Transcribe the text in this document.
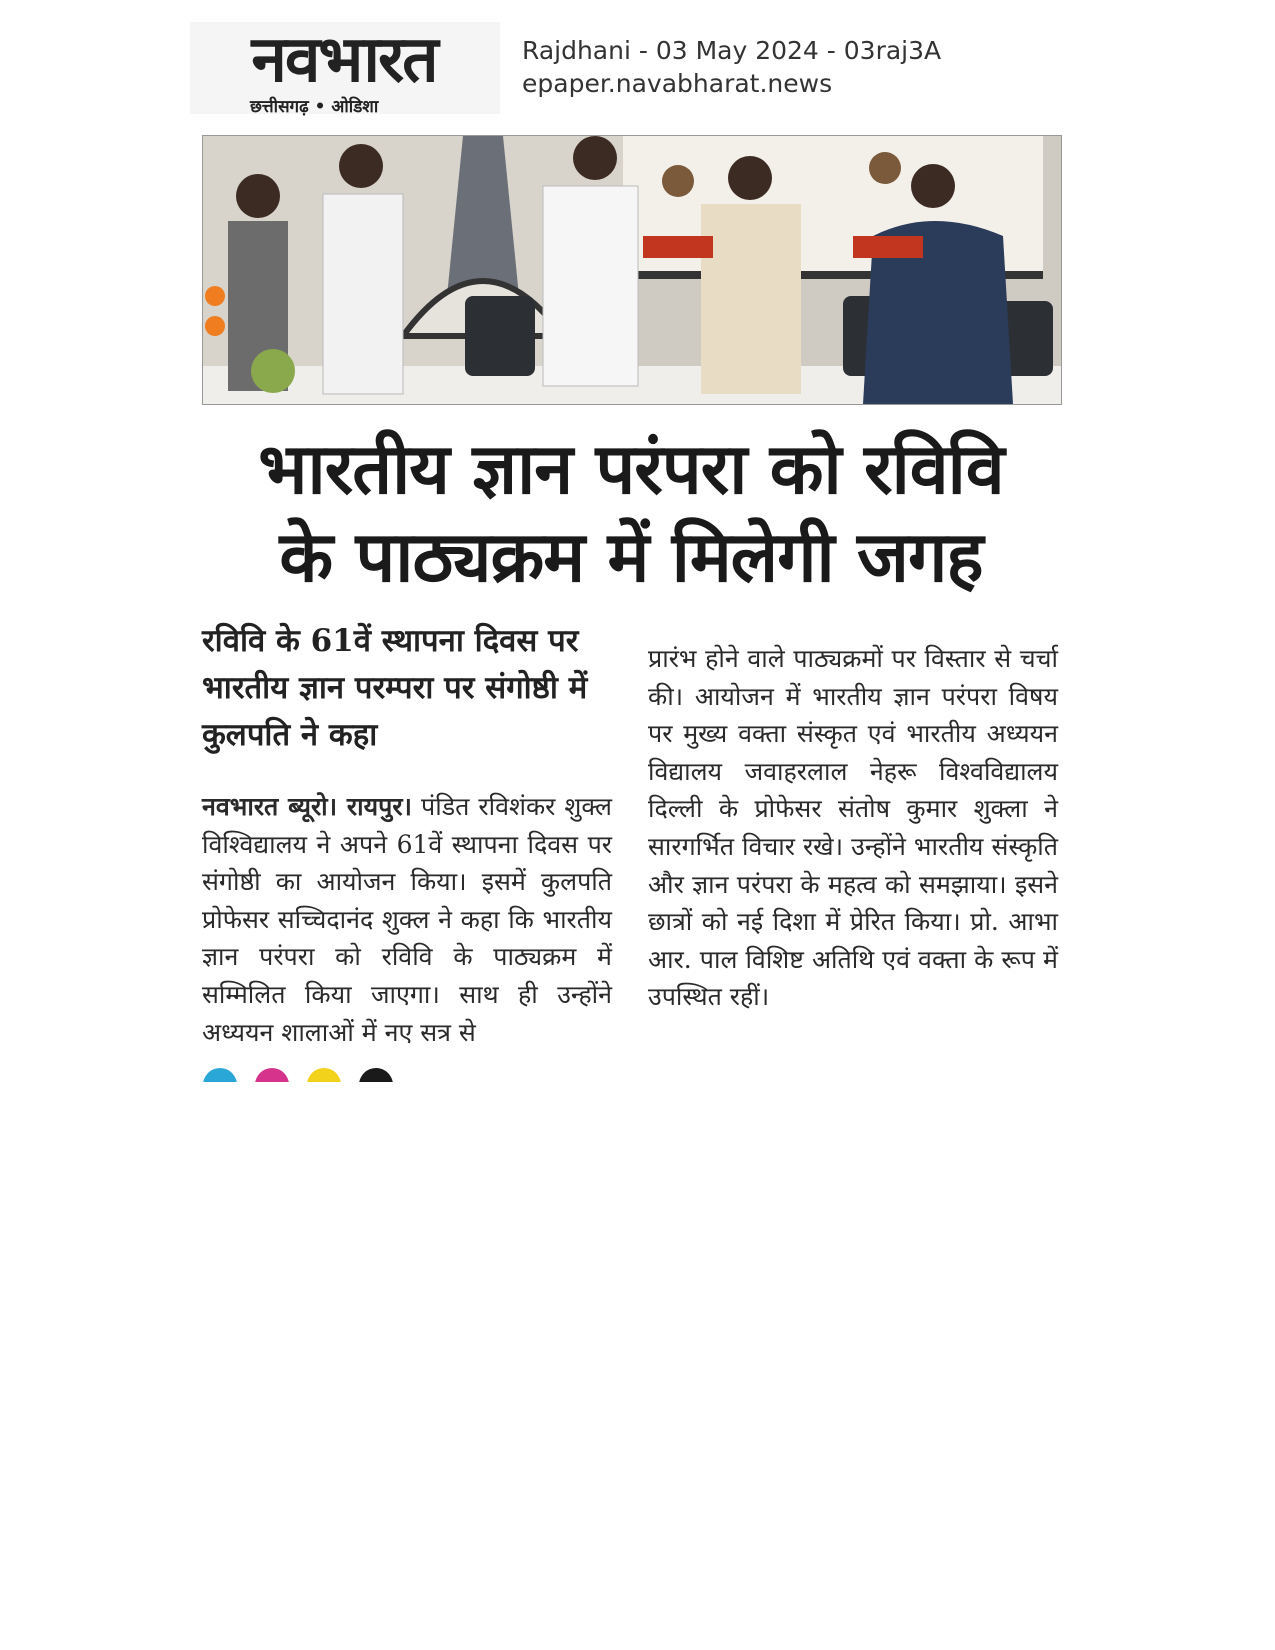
नवभारत
छत्तीसगढ़ • ओडिशा
Rajdhani - 03 May 2024 - 03raj3A
epaper.navabharat.news
भारतीय ज्ञान परंपरा को रविवि
के पाठ्यक्रम में मिलेगी जगह
रविवि के 61वें स्थापना दिवस पर भारतीय ज्ञान परम्परा पर संगोष्ठी में कुलपति ने कहा
नवभारत ब्यूरो। रायपुर। पंडित रविशंकर शुक्ल विश्विद्यालय ने अपने 61वें स्थापना दिवस पर संगोष्ठी का आयोजन किया। इसमें कुलपति प्रोफेसर सच्चिदानंद शुक्ल ने कहा कि भारतीय ज्ञान परंपरा को रविवि के पाठ्यक्रम में सम्मिलित किया जाएगा। साथ ही उन्होंने अध्ययन शालाओं में नए सत्र से
प्रारंभ होने वाले पाठ्यक्रमों पर विस्तार से चर्चा की। आयोजन में भारतीय ज्ञान परंपरा विषय पर मुख्य वक्ता संस्कृत एवं भारतीय अध्ययन विद्यालय जवाहरलाल नेहरू विश्वविद्यालय दिल्ली के प्रोफेसर संतोष कुमार शुक्ला ने सारगर्भित विचार रखे। उन्होंने भारतीय संस्कृति और ज्ञान परंपरा के महत्व को समझाया। इसने छात्रों को नई दिशा में प्रेरित किया। प्रो. आभा आर. पाल विशिष्ट अतिथि एवं वक्ता के रूप में उपस्थित रहीं।
